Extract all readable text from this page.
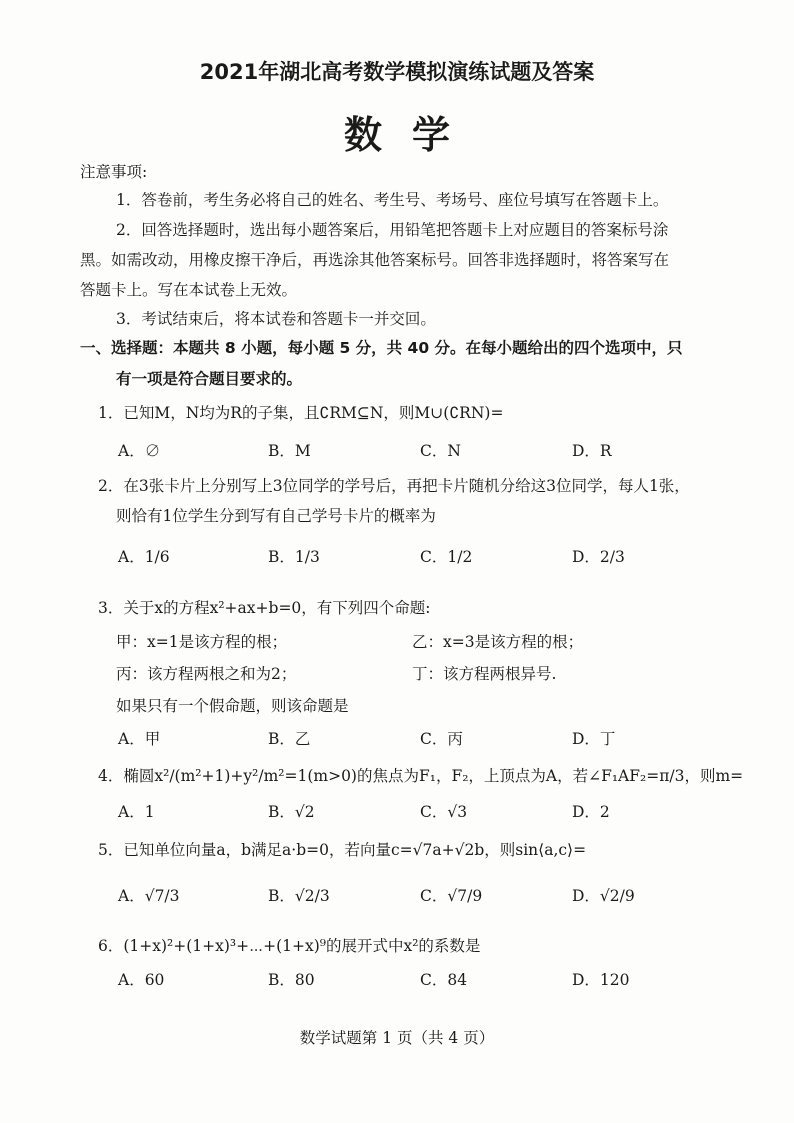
2021年湖北高考数学模拟演练试题及答案
数学
注意事项:
1．答卷前，考生务必将自己的姓名、考生号、考场号、座位号填写在答题卡上。
2．回答选择题时，选出每小题答案后，用铅笔把答题卡上对应题目的答案标号涂
黑。如需改动，用橡皮擦干净后，再选涂其他答案标号。回答非选择题时，将答案写在
答题卡上。写在本试卷上无效。
3．考试结束后，将本试卷和答题卡一并交回。
一、选择题：本题共 8 小题，每小题 5 分，共 40 分。在每小题给出的四个选项中，只
有一项是符合题目要求的。
1．已知M，N均为R的子集，且∁RM⊆N，则M∪(∁RN)=
A．∅	B．M	C．N	D．R
2．在3张卡片上分别写上3位同学的学号后，再把卡片随机分给这3位同学，每人1张，
则恰有1位学生分到写有自己学号卡片的概率为
A．1/6	B．1/3	C．1/2	D．2/3
3．关于x的方程x²+ax+b=0，有下列四个命题:
甲：x=1是该方程的根；	乙：x=3是该方程的根；
丙：该方程两根之和为2；	丁：该方程两根异号.
如果只有一个假命题，则该命题是
A．甲	B．乙	C．丙	D．丁
4．椭圆x²/(m²+1)+y²/m²=1(m>0)的焦点为F₁，F₂，上顶点为A，若∠F₁AF₂=π/3，则m=
A．1	B．√2	C．√3	D．2
5．已知单位向量a，b满足a·b=0，若向量c=√7a+√2b，则sin⟨a,c⟩=
A．√7/3	B．√2/3	C．√7/9	D．√2/9
6．(1+x)²+(1+x)³+⋯+(1+x)⁹的展开式中x²的系数是
A．60	B．80	C．84	D．120
数学试题第 1 页（共 4 页）
